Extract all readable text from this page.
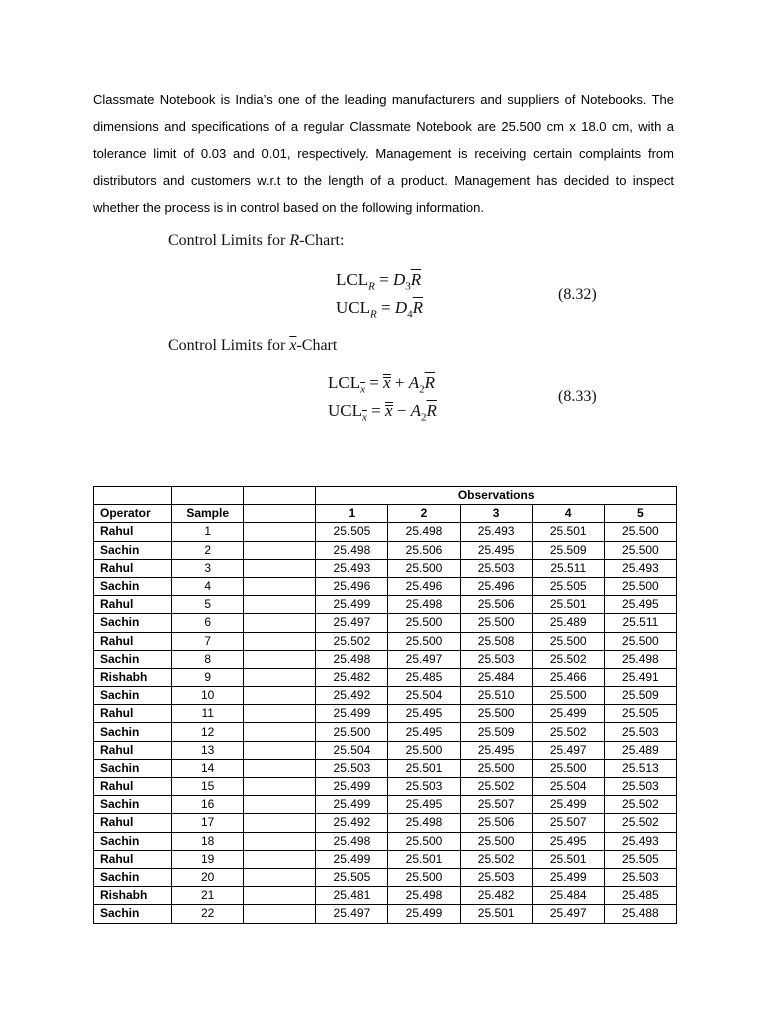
Classmate Notebook is India’s one of the leading manufacturers and suppliers of Notebooks. The dimensions and specifications of a regular Classmate Notebook are 25.500 cm x 18.0 cm, with a tolerance limit of 0.03 and 0.01, respectively. Management is receiving certain complaints from distributors and customers w.r.t to the length of a product. Management has decided to inspect whether the process is in control based on the following information.

Control Limits for R-Chart:
$LCL_R = D_3\overline{R}$
$UCL_R = D_4\overline{R}$
(8.32)
Control Limits for $\overline{x}$-Chart
$LCL_{\overline{x}} = x + A_2\overline{R}$
$UCL_{\overline{x}} = x - A_2\overline{R}$
(8.33)
			Observations				
Operator	Sample		1	2	3	4	5
Rahul	1		25.505	25.498	25.493	25.501	25.500
Sachin	2		25.498	25.506	25.495	25.509	25.500
Rahul	3		25.493	25.500	25.503	25.511	25.493
Sachin	4		25.496	25.496	25.496	25.505	25.500
Rahul	5		25.499	25.498	25.506	25.501	25.495
Sachin	6		25.497	25.500	25.500	25.489	25.511
Rahul	7		25.502	25.500	25.508	25.500	25.500
Sachin	8		25.498	25.497	25.503	25.502	25.498
Rishabh	9		25.482	25.485	25.484	25.466	25.491
Sachin	10		25.492	25.504	25.510	25.500	25.509
Rahul	11		25.499	25.495	25.500	25.499	25.505
Sachin	12		25.500	25.495	25.509	25.502	25.503
Rahul	13		25.504	25.500	25.495	25.497	25.489
Sachin	14		25.503	25.501	25.500	25.500	25.513
Rahul	15		25.499	25.503	25.502	25.504	25.503
Sachin	16		25.499	25.495	25.507	25.499	25.502
Rahul	17		25.492	25.498	25.506	25.507	25.502
Sachin	18		25.498	25.500	25.500	25.495	25.493
Rahul	19		25.499	25.501	25.502	25.501	25.505
Sachin	20		25.505	25.500	25.503	25.499	25.503
Rishabh	21		25.481	25.498	25.482	25.484	25.485
Sachin	22		25.497	25.499	25.501	25.497	25.488
